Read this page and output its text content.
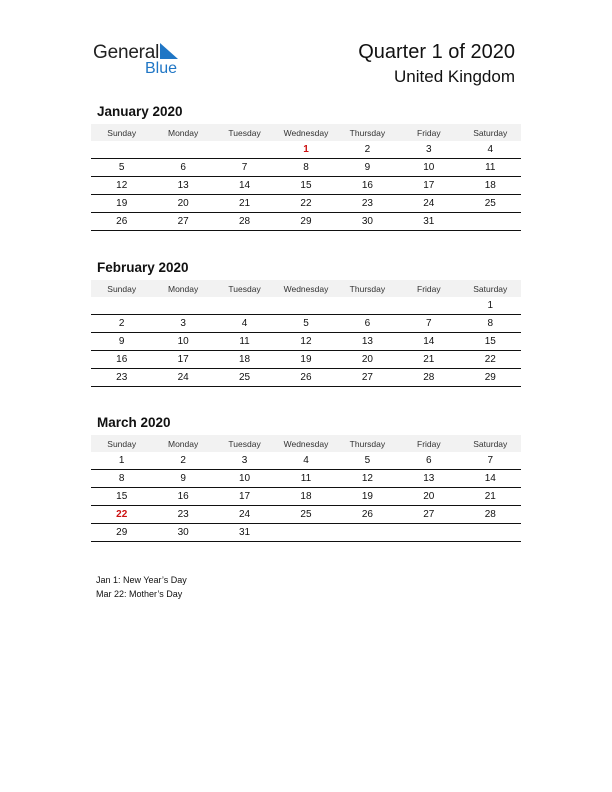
General
Blue
Quarter 1 of 2020
United Kingdom
January 2020
Sunday	Monday	Tuesday	Wednesday	Thursday	Friday	Saturday
			1	2	3	4
5	6	7	8	9	10	11
12	13	14	15	16	17	18
19	20	21	22	23	24	25
26	27	28	29	30	31	
February 2020
Sunday	Monday	Tuesday	Wednesday	Thursday	Friday	Saturday
						1
2	3	4	5	6	7	8
9	10	11	12	13	14	15
16	17	18	19	20	21	22
23	24	25	26	27	28	29
March 2020
Sunday	Monday	Tuesday	Wednesday	Thursday	Friday	Saturday
1	2	3	4	5	6	7
8	9	10	11	12	13	14
15	16	17	18	19	20	21
22	23	24	25	26	27	28
29	30	31				
Jan 1: New Year’s Day
Mar 22: Mother’s Day
